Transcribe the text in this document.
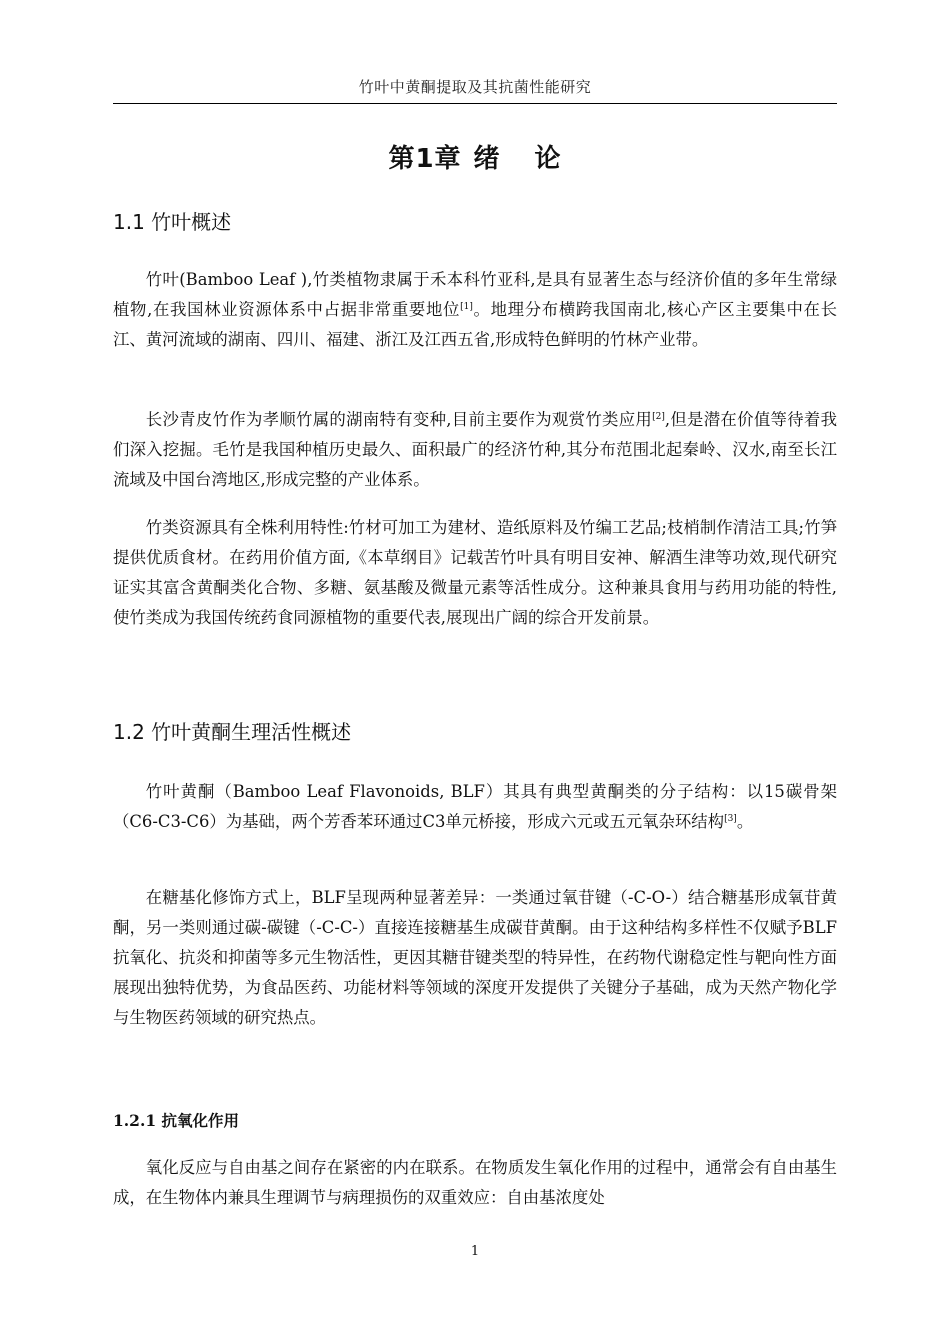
竹叶中黄酮提取及其抗菌性能研究
第1章 绪 论
1.1 竹叶概述

竹叶(Bamboo Leaf ),竹类植物隶属于禾本科竹亚科,是具有显著生态与经济价值的多年生常绿植物,在我国林业资源体系中占据非常重要地位[1]。地理分布横跨我国南北,核心产区主要集中在长江、黄河流域的湖南、四川、福建、浙江及江西五省,形成特色鲜明的竹林产业带。

长沙青皮竹作为孝顺竹属的湖南特有变种,目前主要作为观赏竹类应用[2],但是潜在价值等待着我们深入挖掘。毛竹是我国种植历史最久、面积最广的经济竹种,其分布范围北起秦岭、汉水,南至长江流域及中国台湾地区,形成完整的产业体系。

竹类资源具有全株利用特性:竹材可加工为建材、造纸原料及竹编工艺品;枝梢制作清洁工具;竹笋提供优质食材。在药用价值方面,《本草纲目》记载苦竹叶具有明目安神、解酒生津等功效,现代研究证实其富含黄酮类化合物、多糖、氨基酸及微量元素等活性成分。这种兼具食用与药用功能的特性,使竹类成为我国传统药食同源植物的重要代表,展现出广阔的综合开发前景。

1.2 竹叶黄酮生理活性概述

竹叶黄酮（Bamboo Leaf Flavonoids, BLF）其具有典型黄酮类的分子结构：以15碳骨架（C6-C3-C6）为基础，两个芳香苯环通过C3单元桥接，形成六元或五元氧杂环结构[3]。

在糖基化修饰方式上，BLF呈现两种显著差异：一类通过氧苷键（-C-O-）结合糖基形成氧苷黄酮，另一类则通过碳-碳键（-C-C-）直接连接糖基生成碳苷黄酮。由于这种结构多样性不仅赋予BLF抗氧化、抗炎和抑菌等多元生物活性，更因其糖苷键类型的特异性，在药物代谢稳定性与靶向性方面展现出独特优势，为食品医药、功能材料等领域的深度开发提供了关键分子基础，成为天然产物化学与生物医药领域的研究热点。

1.2.1 抗氧化作用

氧化反应与自由基之间存在紧密的内在联系。在物质发生氧化作用的过程中，通常会有自由基生成，在生物体内兼具生理调节与病理损伤的双重效应：自由基浓度处

1
